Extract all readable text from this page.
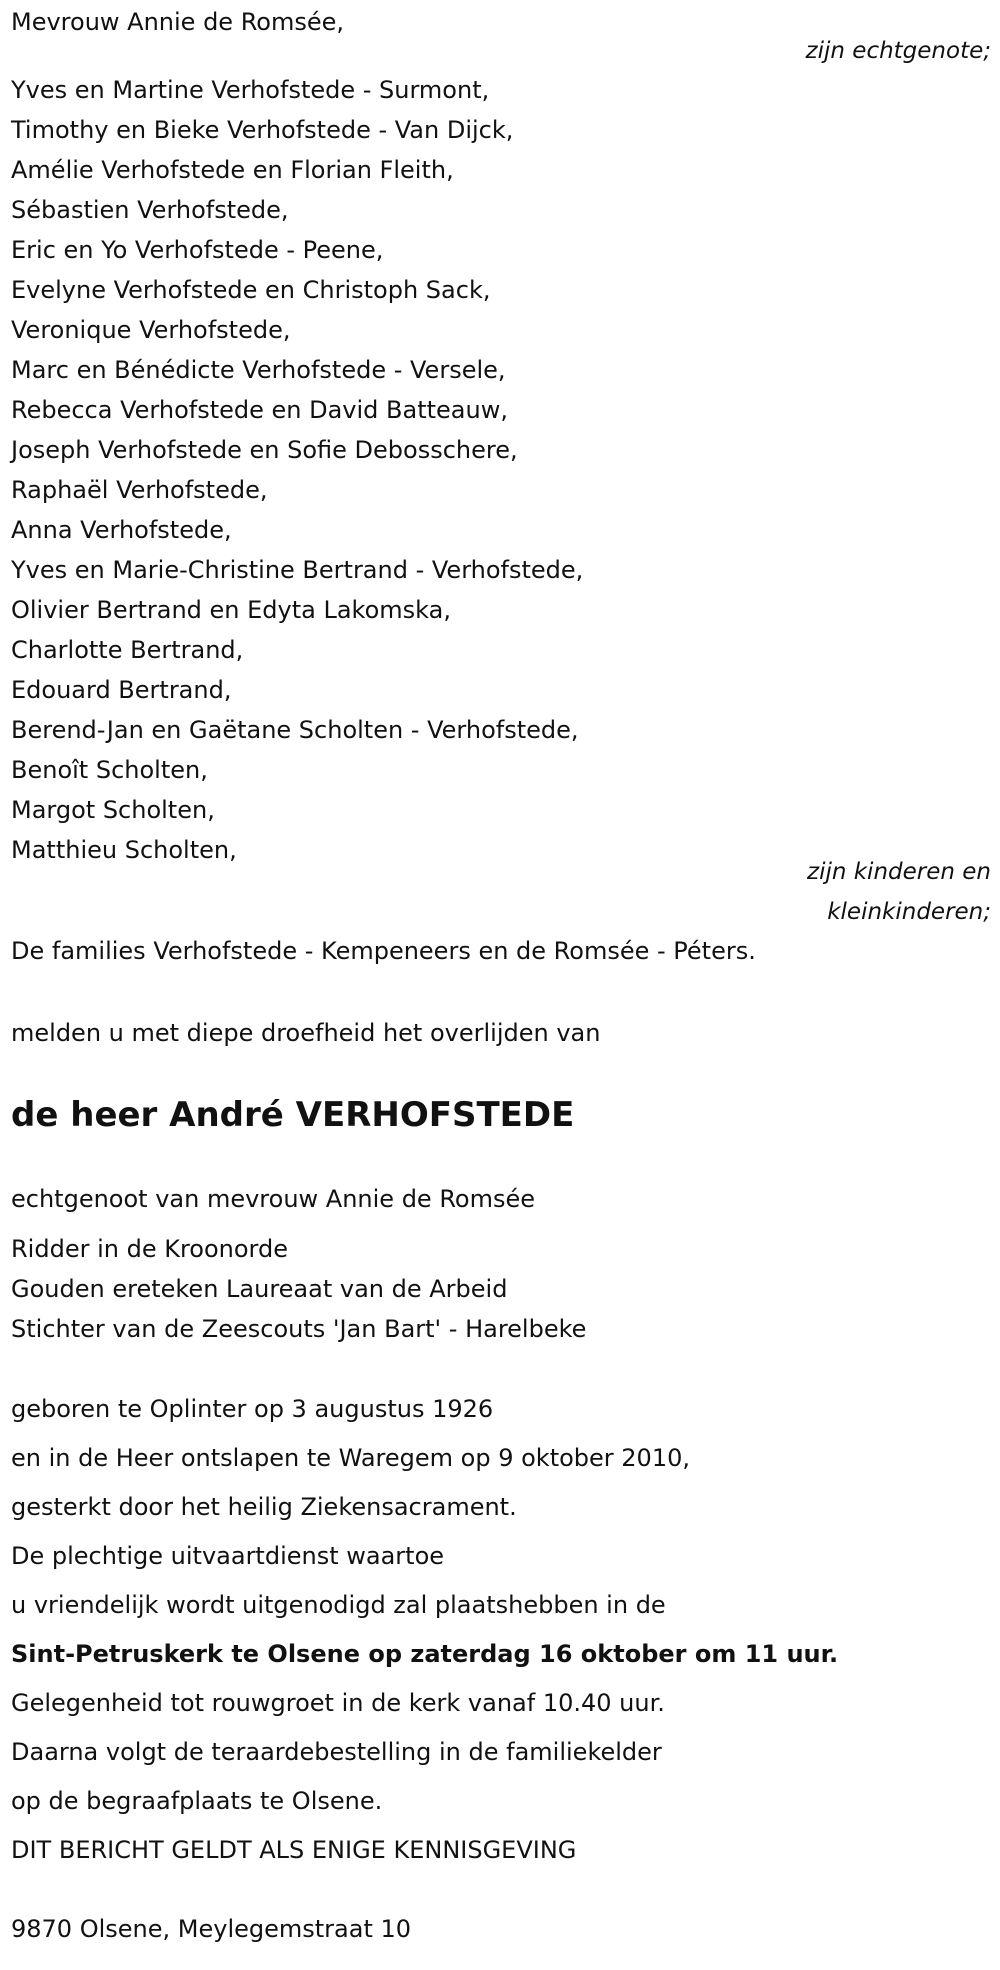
Mevrouw Annie de Romsée,
zijn echtgenote;
Yves en Martine Verhofstede - Surmont,
Timothy en Bieke Verhofstede - Van Dijck,
Amélie Verhofstede en Florian Fleith,
Sébastien Verhofstede,
Eric en Yo Verhofstede - Peene,
Evelyne Verhofstede en Christoph Sack,
Veronique Verhofstede,
Marc en Bénédicte Verhofstede - Versele,
Rebecca Verhofstede en David Batteauw,
Joseph Verhofstede en Sofie Debosschere,
Raphaël Verhofstede,
Anna Verhofstede,
Yves en Marie-Christine Bertrand - Verhofstede,
Olivier Bertrand en Edyta Lakomska,
Charlotte Bertrand,
Edouard Bertrand,
Berend-Jan en Gaëtane Scholten - Verhofstede,
Benoît Scholten,
Margot Scholten,
Matthieu Scholten,
zijn kinderen en
kleinkinderen;
De families Verhofstede - Kempeneers en de Romsée - Péters.
melden u met diepe droefheid het overlijden van
de heer André VERHOFSTEDE
echtgenoot van mevrouw Annie de Romsée
Ridder in de Kroonorde
Gouden ereteken Laureaat van de Arbeid
Stichter van de Zeescouts 'Jan Bart' - Harelbeke
geboren te Oplinter op 3 augustus 1926
en in de Heer ontslapen te Waregem op 9 oktober 2010,
gesterkt door het heilig Ziekensacrament.
De plechtige uitvaartdienst waartoe
u vriendelijk wordt uitgenodigd zal plaatshebben in de
Sint-Petruskerk te Olsene op zaterdag 16 oktober om 11 uur.
Gelegenheid tot rouwgroet in de kerk vanaf 10.40 uur.
Daarna volgt de teraardebestelling in de familiekelder
op de begraafplaats te Olsene.
DIT BERICHT GELDT ALS ENIGE KENNISGEVING
9870 Olsene, Meylegemstraat 10
